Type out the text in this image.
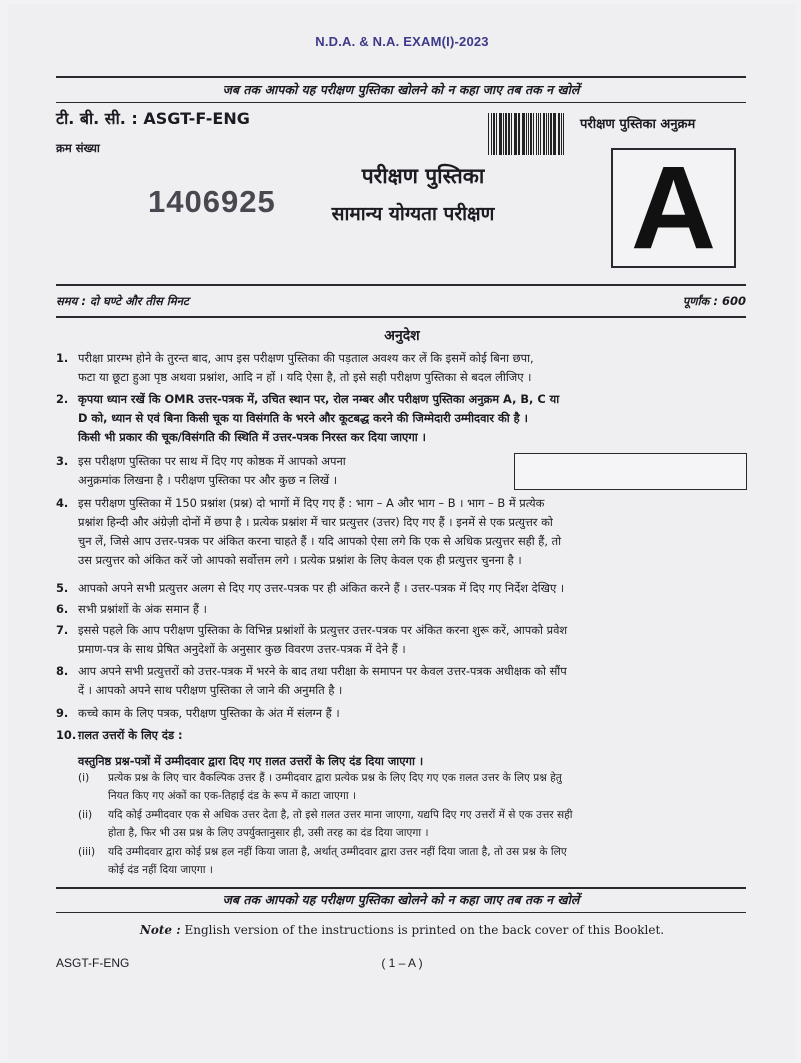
N.D.A. & N.A. EXAM(I)-2023
जब तक आपको यह परीक्षण पुस्तिका खोलने को न कहा जाए तब तक न खोलें
टी. बी. सी. : ASGT-F-ENG
क्रम संख्या
1406925
परीक्षण पुस्तिका
सामान्य योग्यता परीक्षण
परीक्षण पुस्तिका अनुक्रम
A
समय : दो घण्टे और तीस मिनट	पूर्णांक : 600
अनुदेश
1. परीक्षा प्रारम्भ होने के तुरन्त बाद, आप इस परीक्षण पुस्तिका की पड़ताल अवश्य कर लें कि इसमें कोई बिना छपा,
फटा या छूटा हुआ पृष्ठ अथवा प्रश्नांश, आदि न हों । यदि ऐसा है, तो इसे सही परीक्षण पुस्तिका से बदल लीजिए ।
2. कृपया ध्यान रखें कि OMR उत्तर-पत्रक में, उचित स्थान पर, रोल नम्बर और परीक्षण पुस्तिका अनुक्रम A, B, C या
D को, ध्यान से एवं बिना किसी चूक या विसंगति के भरने और कूटबद्ध करने की जिम्मेदारी उम्मीदवार की है ।
किसी भी प्रकार की चूक/विसंगति की स्थिति में उत्तर-पत्रक निरस्त कर दिया जाएगा ।
3. इस परीक्षण पुस्तिका पर साथ में दिए गए कोष्ठक में आपको अपना
अनुक्रमांक लिखना है । परीक्षण पुस्तिका पर और कुछ न लिखें ।
4. इस परीक्षण पुस्तिका में 150 प्रश्नांश (प्रश्न) दो भागों में दिए गए हैं : भाग – A और भाग – B । भाग – B में प्रत्येक
प्रश्नांश हिन्दी और अंग्रेज़ी दोनों में छपा है । प्रत्येक प्रश्नांश में चार प्रत्युत्तर (उत्तर) दिए गए हैं । इनमें से एक प्रत्युत्तर को
चुन लें, जिसे आप उत्तर-पत्रक पर अंकित करना चाहते हैं । यदि आपको ऐसा लगे कि एक से अधिक प्रत्युत्तर सही हैं, तो
उस प्रत्युत्तर को अंकित करें जो आपको सर्वोत्तम लगे । प्रत्येक प्रश्नांश के लिए केवल एक ही प्रत्युत्तर चुनना है ।
5. आपको अपने सभी प्रत्युत्तर अलग से दिए गए उत्तर-पत्रक पर ही अंकित करने हैं । उत्तर-पत्रक में दिए गए निर्देश देखिए ।
6. सभी प्रश्नांशों के अंक समान हैं ।
7. इससे पहले कि आप परीक्षण पुस्तिका के विभिन्न प्रश्नांशों के प्रत्युत्तर उत्तर-पत्रक पर अंकित करना शुरू करें, आपको प्रवेश
प्रमाण-पत्र के साथ प्रेषित अनुदेशों के अनुसार कुछ विवरण उत्तर-पत्रक में देने हैं ।
8. आप अपने सभी प्रत्युत्तरों को उत्तर-पत्रक में भरने के बाद तथा परीक्षा के समापन पर केवल उत्तर-पत्रक अधीक्षक को सौंप
दें । आपको अपने साथ परीक्षण पुस्तिका ले जाने की अनुमति है ।
9. कच्चे काम के लिए पत्रक, परीक्षण पुस्तिका के अंत में संलग्न हैं ।
10. ग़लत उत्तरों के लिए दंड :
वस्तुनिष्ठ प्रश्न-पत्रों में उम्मीदवार द्वारा दिए गए ग़लत उत्तरों के लिए दंड दिया जाएगा ।
(i) प्रत्येक प्रश्न के लिए चार वैकल्पिक उत्तर हैं । उम्मीदवार द्वारा प्रत्येक प्रश्न के लिए दिए गए एक ग़लत उत्तर के लिए प्रश्न हेतु
नियत किए गए अंकों का एक-तिहाई दंड के रूप में काटा जाएगा ।
(ii) यदि कोई उम्मीदवार एक से अधिक उत्तर देता है, तो इसे ग़लत उत्तर माना जाएगा, यद्यपि दिए गए उत्तरों में से एक उत्तर सही
होता है, फिर भी उस प्रश्न के लिए उपर्युक्तानुसार ही, उसी तरह का दंड दिया जाएगा ।
(iii) यदि उम्मीदवार द्वारा कोई प्रश्न हल नहीं किया जाता है, अर्थात् उम्मीदवार द्वारा उत्तर नहीं दिया जाता है, तो उस प्रश्न के लिए
कोई दंड नहीं दिया जाएगा ।
जब तक आपको यह परीक्षण पुस्तिका खोलने को न कहा जाए तब तक न खोलें
Note : English version of the instructions is printed on the back cover of this Booklet.
ASGT-F-ENG	( 1 – A )
